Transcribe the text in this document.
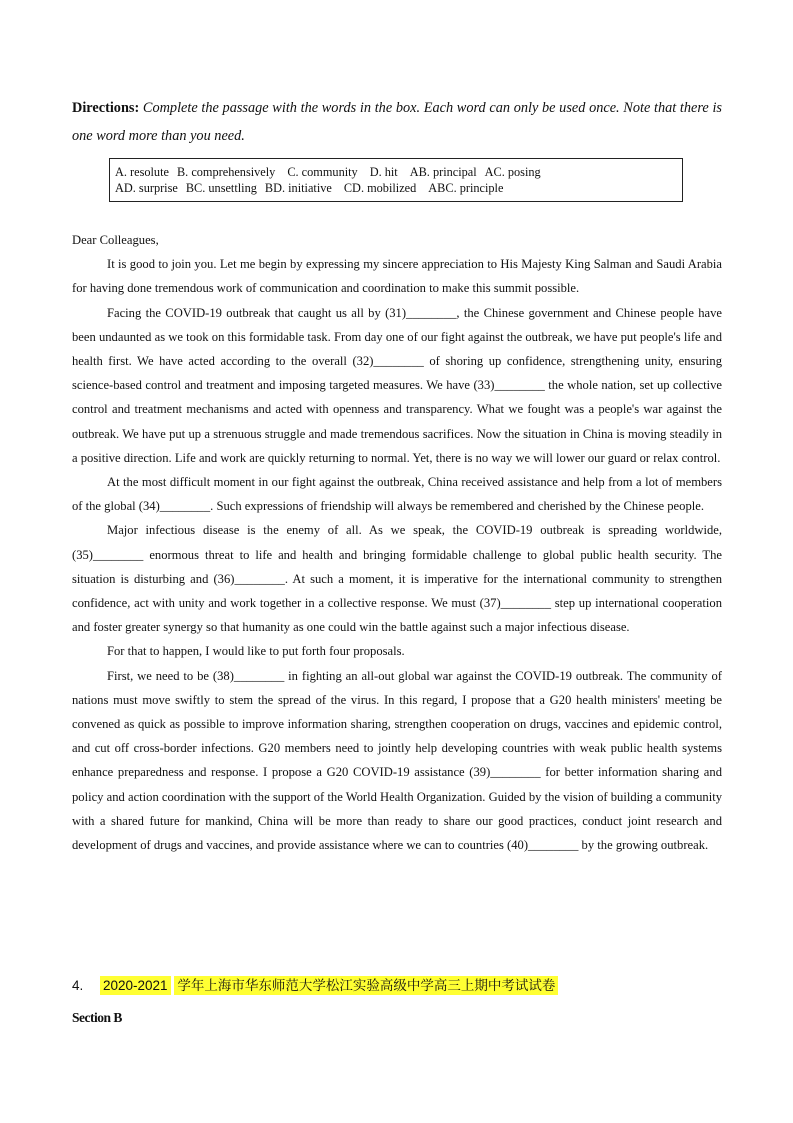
Directions: Complete the passage with the words in the box. Each word can only be used once. Note that there is one word more than you need.

A. resolute B. comprehensively C. community D. hit AB. principal AC. posing
AD. surprise BC. unsettling BD. initiative CD. mobilized ABC. principle

Dear Colleagues,

It is good to join you. Let me begin by expressing my sincere appreciation to His Majesty King Salman and Saudi Arabia for having done tremendous work of communication and coordination to make this summit possible.

Facing the COVID-19 outbreak that caught us all by (31)________, the Chinese government and Chinese people have been undaunted as we took on this formidable task. From day one of our fight against the outbreak, we have put people's life and health first. We have acted according to the overall (32)________ of shoring up confidence, strengthening unity, ensuring science-based control and treatment and imposing targeted measures. We have (33)________ the whole nation, set up collective control and treatment mechanisms and acted with openness and transparency. What we fought was a people's war against the outbreak. We have put up a strenuous struggle and made tremendous sacrifices. Now the situation in China is moving steadily in a positive direction. Life and work are quickly returning to normal. Yet, there is no way we will lower our guard or relax control.

At the most difficult moment in our fight against the outbreak, China received assistance and help from a lot of members of the global (34)________. Such expressions of friendship will always be remembered and cherished by the Chinese people.

Major infectious disease is the enemy of all. As we speak, the COVID-19 outbreak is spreading worldwide, (35)________ enormous threat to life and health and bringing formidable challenge to global public health security. The situation is disturbing and (36)________. At such a moment, it is imperative for the international community to strengthen confidence, act with unity and work together in a collective response. We must (37)________ step up international cooperation and foster greater synergy so that humanity as one could win the battle against such a major infectious disease.

For that to happen, I would like to put forth four proposals.

First, we need to be (38)________ in fighting an all-out global war against the COVID-19 outbreak. The community of nations must move swiftly to stem the spread of the virus. In this regard, I propose that a G20 health ministers' meeting be convened as quick as possible to improve information sharing, strengthen cooperation on drugs, vaccines and epidemic control, and cut off cross-border infections. G20 members need to jointly help developing countries with weak public health systems enhance preparedness and response. I propose a G20 COVID-19 assistance (39)________ for better information sharing and policy and action coordination with the support of the World Health Organization. Guided by the vision of building a community with a shared future for mankind, China will be more than ready to share our good practices, conduct joint research and development of drugs and vaccines, and provide assistance where we can to countries (40)________ by the growing outbreak.

4. 2020-2021 学年上海市华东师范大学松江实验高级中学高三上期中考试试卷
Section B
